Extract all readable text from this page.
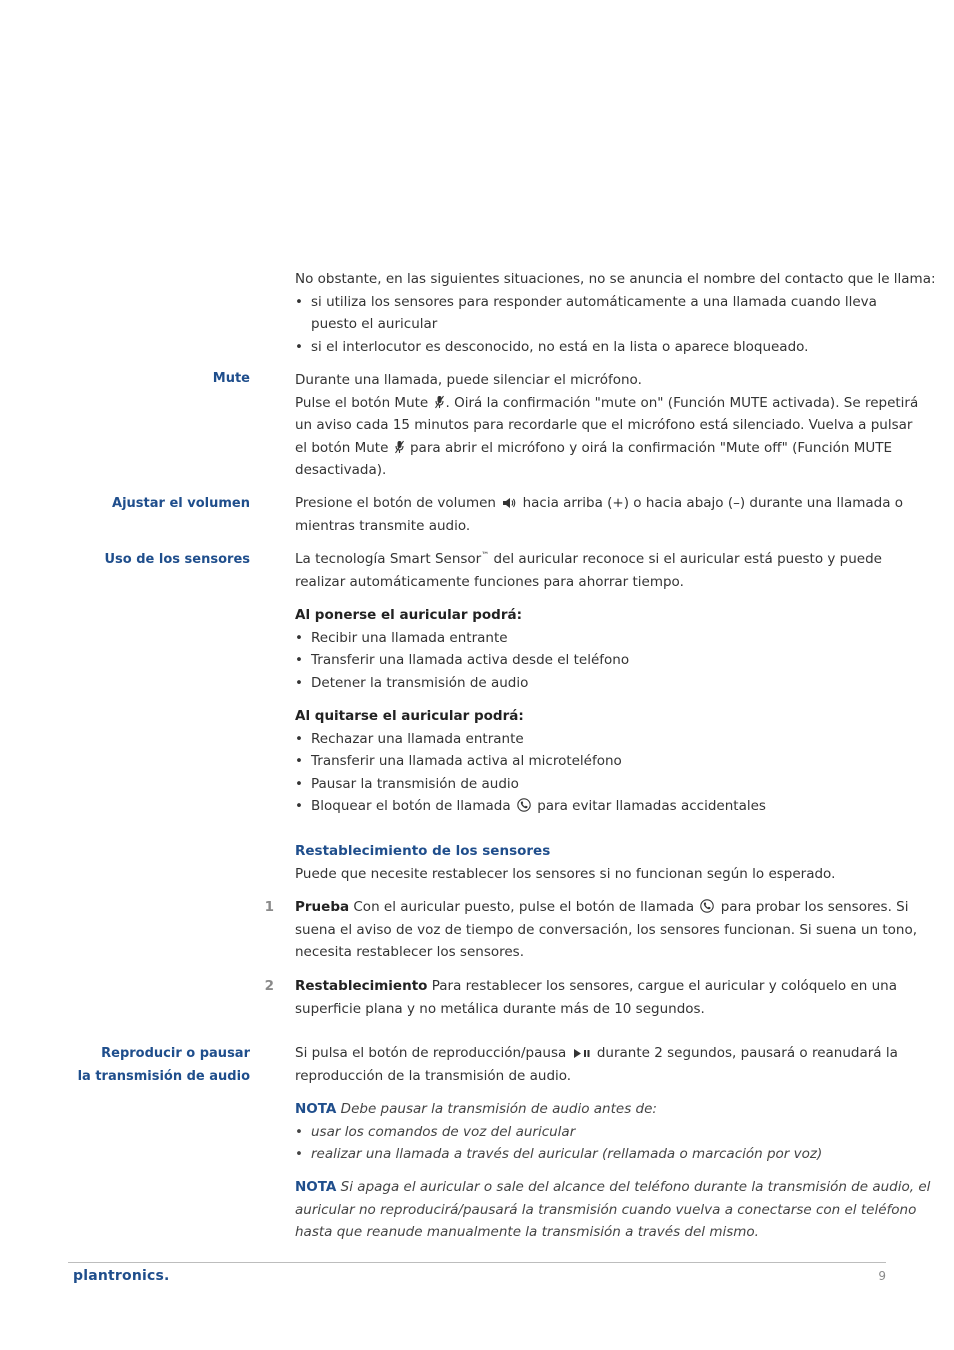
No obstante, en las siguientes situaciones, no se anuncia el nombre del contacto que le llama:

• si utiliza los sensores para responder automáticamente a una llamada cuando lleva
puesto el auricular
• si el interlocutor es desconocido, no está en la lista o aparece bloqueado.
Mute	Durante una llamada, puede silenciar el micrófono.

Pulse el botón Mute . Oirá la confirmación "mute on" (Función MUTE activada). Se repetirá

un aviso cada 15 minutos para recordarle que el micrófono está silenciado. Vuelva a pulsar

el botón Mute para abrir el micrófono y oirá la confirmación "Mute off" (Función MUTE

desactivada).

Ajustar el volumen	Presione el botón de volumen hacia arriba (+) o hacia abajo (–) durante una llamada o

mientras transmite audio.

Uso de los sensores	La tecnología Smart Sensor™ del auricular reconoce si el auricular está puesto y puede

realizar automáticamente funciones para ahorrar tiempo.

Al ponerse el auricular podrá:

• Recibir una llamada entrante
• Transferir una llamada activa desde el teléfono
• Detener la transmisión de audio

Al quitarse el auricular podrá:

• Rechazar una llamada entrante
• Transferir una llamada activa al microteléfono
• Pausar la transmisión de audio
• Bloquear el botón de llamada para evitar llamadas accidentales

Restablecimiento de los sensores

Puede que necesite restablecer los sensores si no funcionan según lo esperado.

1 Prueba Con el auricular puesto, pulse el botón de llamada para probar los sensores. Si

suena el aviso de voz de tiempo de conversación, los sensores funcionan. Si suena un tono,

necesita restablecer los sensores.

2 Restablecimiento Para restablecer los sensores, cargue el auricular y colóquelo en una

superficie plana y no metálica durante más de 10 segundos.

Reproducir o pausar
la transmisión de audio

Si pulsa el botón de reproducción/pausa durante 2 segundos, pausará o reanudará la

reproducción de la transmisión de audio.

NOTA Debe pausar la transmisión de audio antes de:

• usar los comandos de voz del auricular
• realizar una llamada a través del auricular (rellamada o marcación por voz)

NOTA Si apaga el auricular o sale del alcance del teléfono durante la transmisión de audio, el

auricular no reproducirá/pausará la transmisión cuando vuelva a conectarse con el teléfono

hasta que reanude manualmente la transmisión a través del mismo.

plantronics.	9
